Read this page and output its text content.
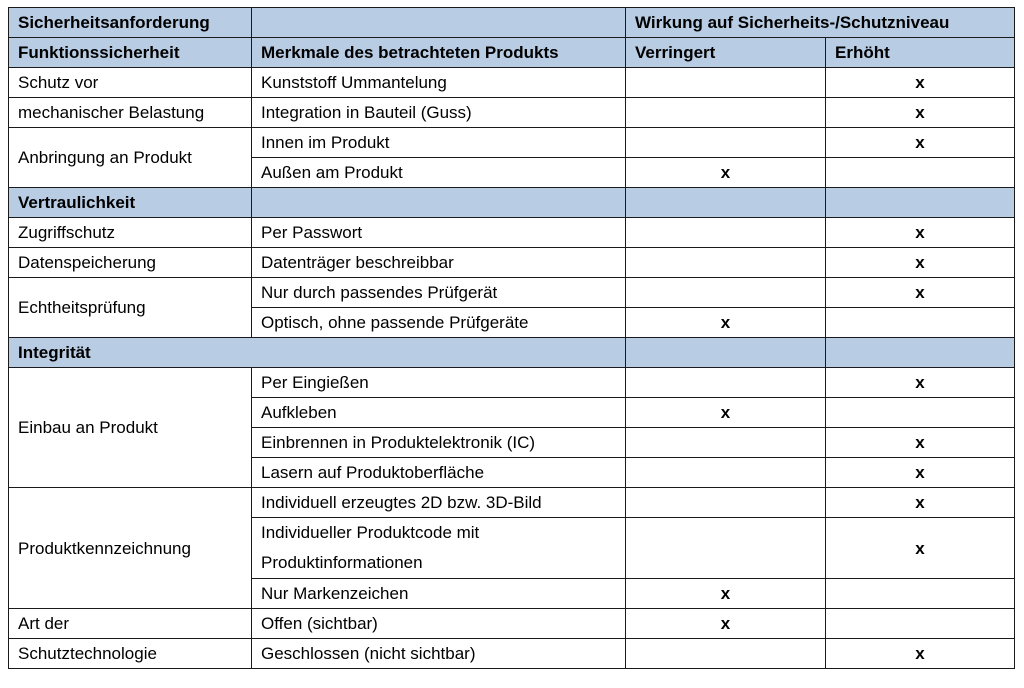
Sicherheitsanforderung		Wirkung auf Sicherheits-/Schutzniveau	
Funktionssicherheit	Merkmale des betrachteten Produkts	Verringert	Erhöht
Schutz vor	Kunststoff Ummantelung		x
mechanischer Belastung	Integration in Bauteil (Guss)		x
Anbringung an Produkt	Innen im Produkt		x
	Außen am Produkt	x	
Vertraulichkeit			
Zugriffschutz	Per Passwort		x
Datenspeicherung	Datenträger beschreibbar		x
Echtheitsprüfung	Nur durch passendes Prüfgerät		x
	Optisch, ohne passende Prüfgeräte	x	
Integrität			
Einbau an Produkt	Per Eingießen		x
	Aufkleben	x	
	Einbrennen in Produktelektronik (IC)		x
	Lasern auf Produktoberfläche		x
Produktkennzeichnung	Individuell erzeugtes 2D bzw. 3D-Bild		x
	Individueller Produktcode mit Produktinformationen		x
	Nur Markenzeichen	x	
Art der	Offen (sichtbar)	x	
Schutztechnologie	Geschlossen (nicht sichtbar)		x
